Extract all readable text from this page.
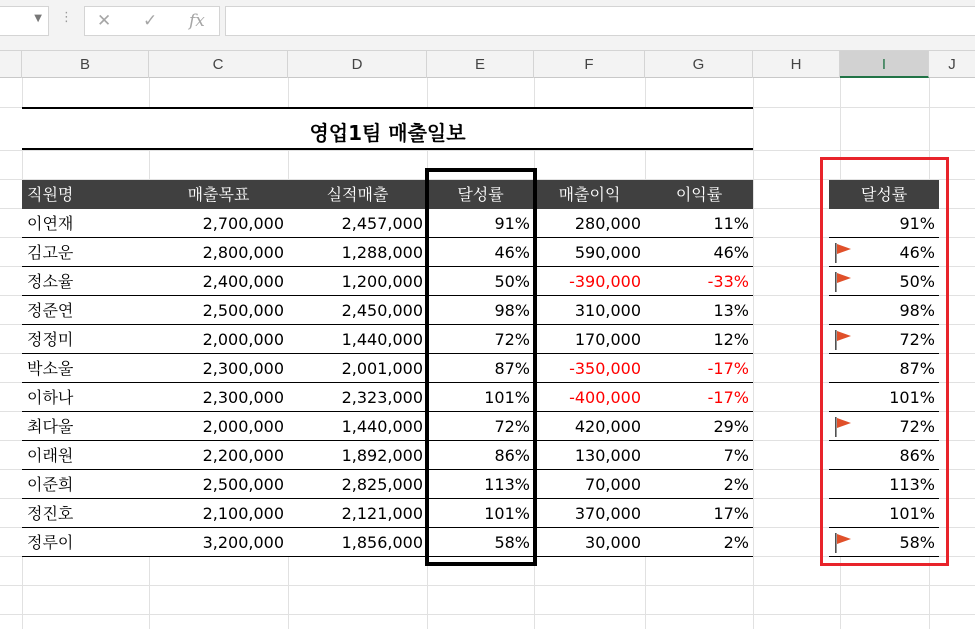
▼ ⋮ ✕ ✓ fx
B	C	D	E	F	G	H	I	J
영업1팀 매출일보
직원명	매출목표	실적매출	달성률	매출이익	이익률
이연재	2,700,000	2,457,000	91%	280,000	11%
김고운	2,800,000	1,288,000	46%	590,000	46%
정소율	2,400,000	1,200,000	50%	-390,000	-33%
정준연	2,500,000	2,450,000	98%	310,000	13%
정정미	2,000,000	1,440,000	72%	170,000	12%
박소울	2,300,000	2,001,000	87%	-350,000	-17%
이하나	2,300,000	2,323,000	101%	-400,000	-17%
최다울	2,000,000	1,440,000	72%	420,000	29%
이래원	2,200,000	1,892,000	86%	130,000	7%
이준희	2,500,000	2,825,000	113%	70,000	2%
정진호	2,100,000	2,121,000	101%	370,000	17%
정루이	3,200,000	1,856,000	58%	30,000	2%
달성률
91%
46%
50%
98%
72%
87%
101%
72%
86%
113%
101%
58%
